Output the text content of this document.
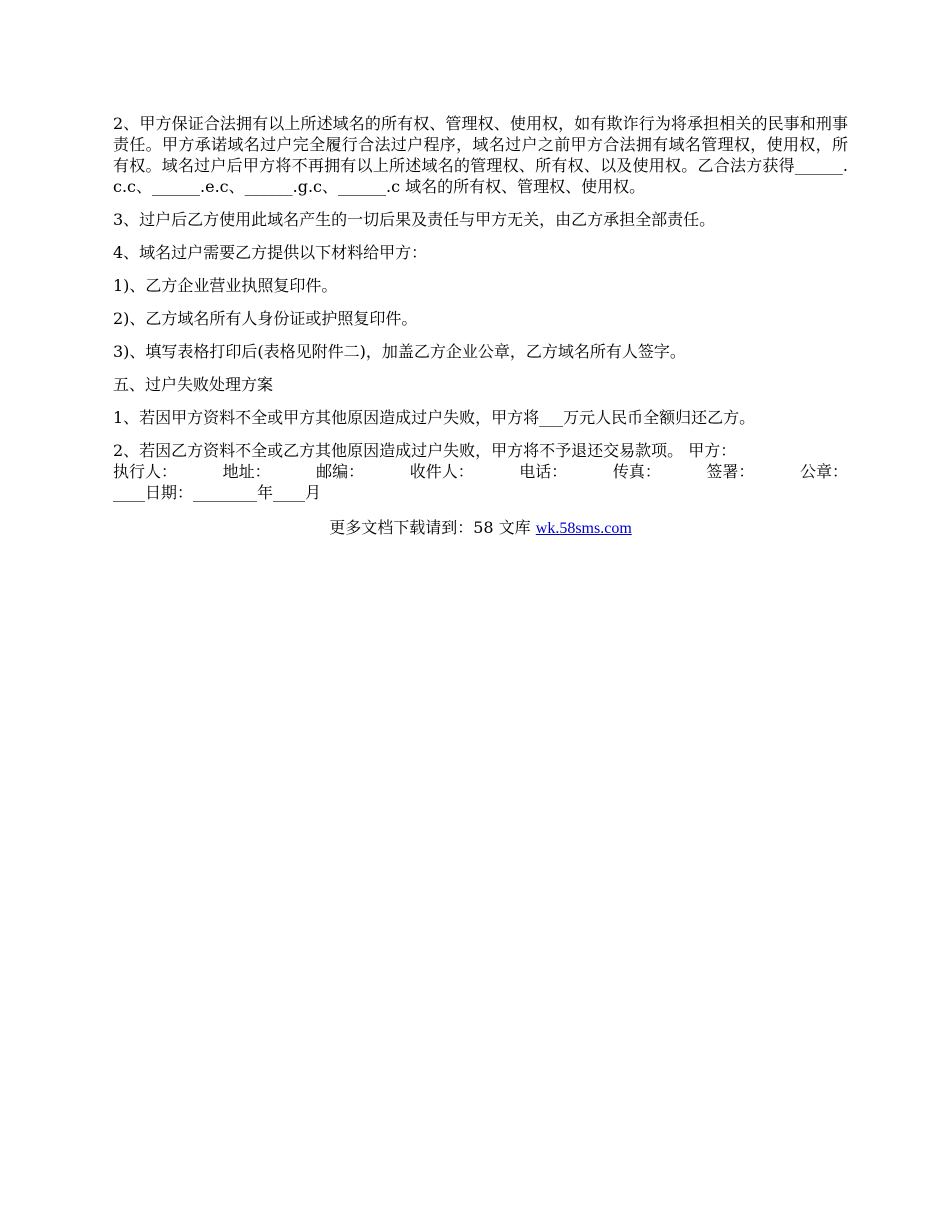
2、甲方保证合法拥有以上所述域名的所有权、管理权、使用权，如有欺诈行为将承担相关的民事和刑事责任。甲方承诺域名过户完全履行合法过户程序，域名过户之前甲方合法拥有域名管理权，使用权，所有权。域名过户后甲方将不再拥有以上所述域名的管理权、所有权、以及使用权。乙合法方获得______.c.c、______.e.c、______.g.c、______.c 域名的所有权、管理权、使用权。

3、过户后乙方使用此域名产生的一切后果及责任与甲方无关，由乙方承担全部责任。

4、域名过户需要乙方提供以下材料给甲方：

1)、乙方企业营业执照复印件。

2)、乙方域名所有人身份证或护照复印件。

3)、填写表格打印后(表格见附件二)，加盖乙方企业公章，乙方域名所有人签字。

五、过户失败处理方案

1、若因甲方资料不全或甲方其他原因造成过户失败，甲方将___万元人民币全额归还乙方。

2、若因乙方资料不全或乙方其他原因造成过户失败，甲方将不予退还交易款项。 甲方：
执行人：	地址：	邮编：	收件人：	电话：	传真：	签署：	公章：
____日期：________年____月
更多文档下载请到：58 文库 wk.58sms.com
